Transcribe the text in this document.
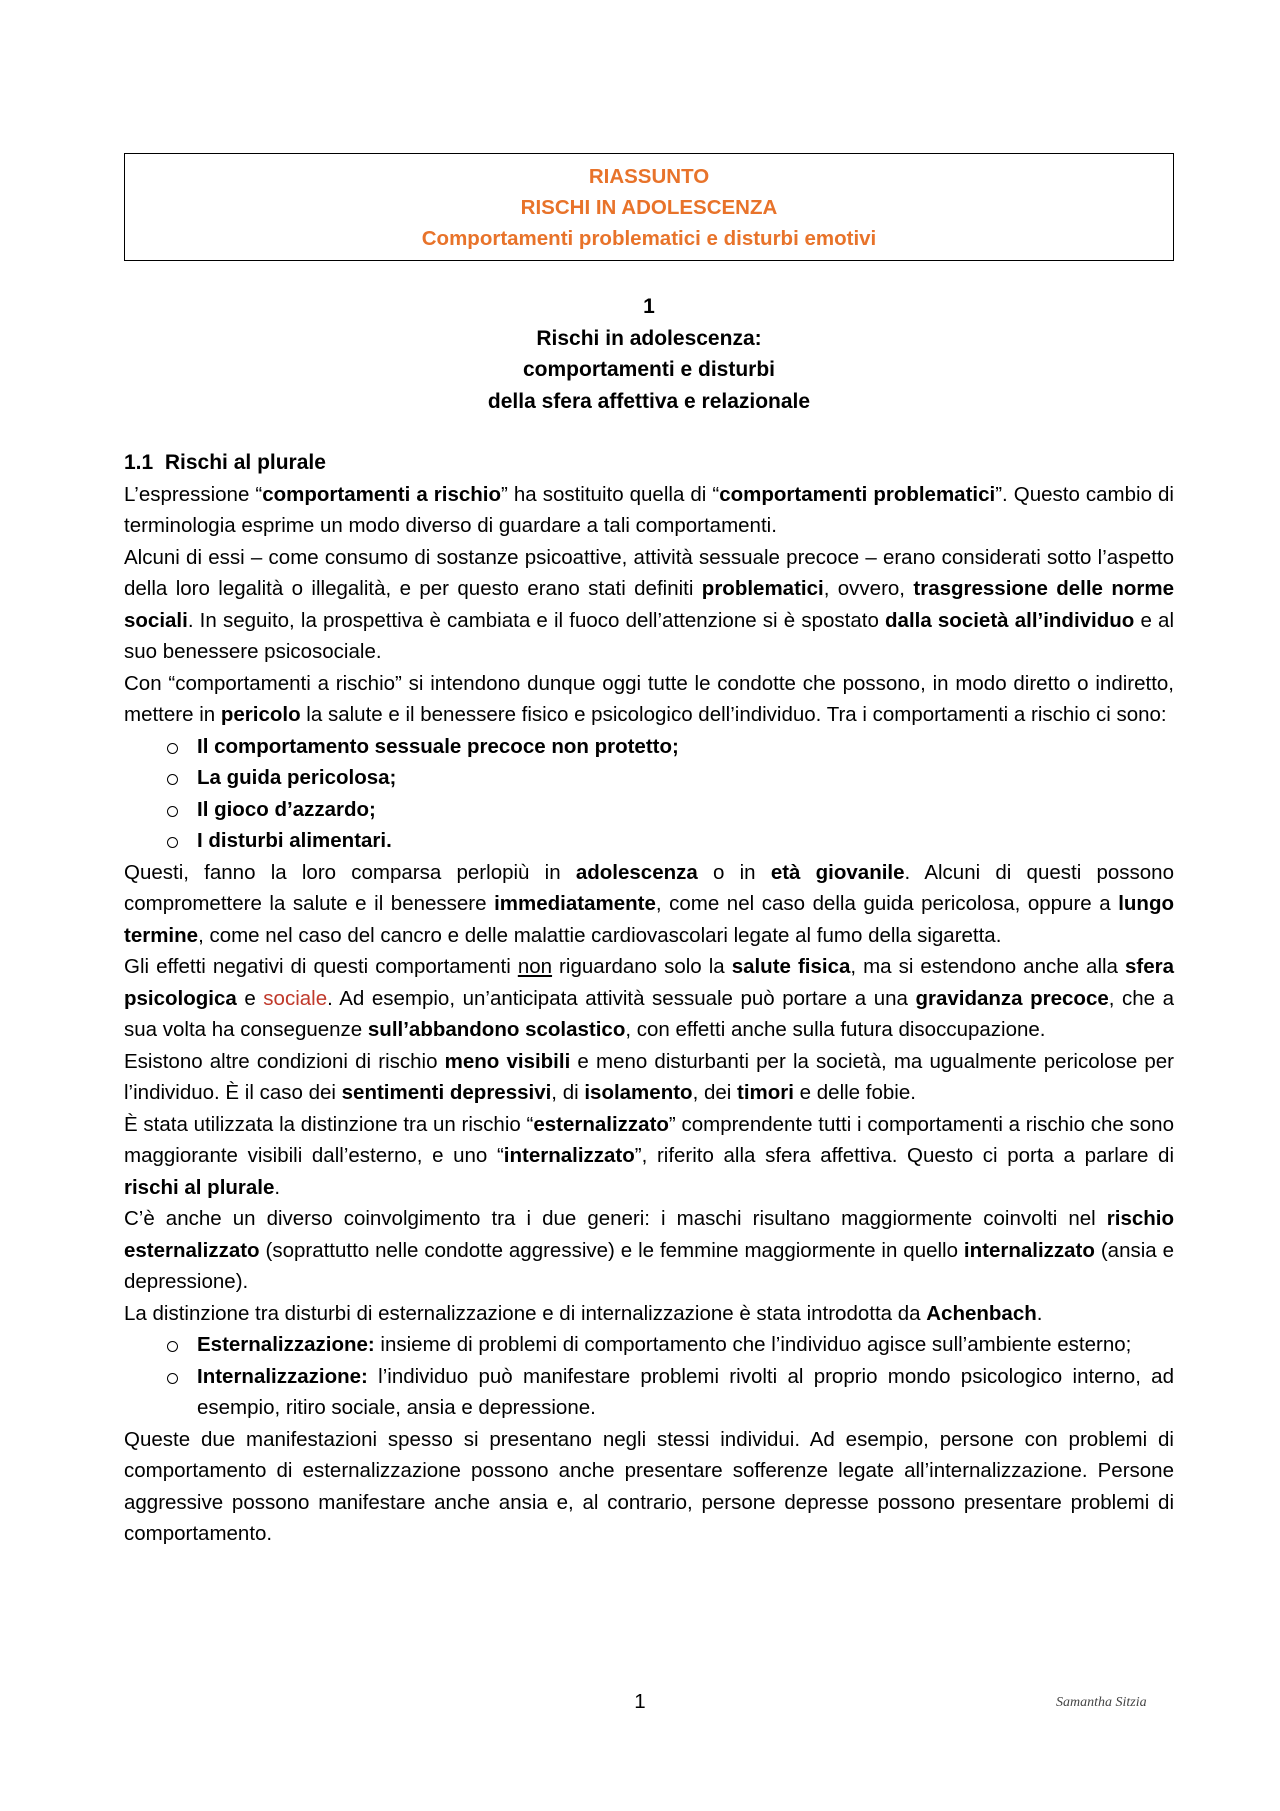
RIASSUNTO
RISCHI IN ADOLESCENZA
Comportamenti problematici e disturbi emotivi
1
Rischi in adolescenza:
comportamenti e disturbi
della sfera affettiva e relazionale
1.1  Rischi al plurale

L’espressione “comportamenti a rischio” ha sostituito quella di “comportamenti problematici”. Questo cambio di terminologia esprime un modo diverso di guardare a tali comportamenti.

Alcuni di essi – come consumo di sostanze psicoattive, attività sessuale precoce – erano considerati sotto l’aspetto della loro legalità o illegalità, e per questo erano stati definiti problematici, ovvero, trasgressione delle norme sociali. In seguito, la prospettiva è cambiata e il fuoco dell’attenzione si è spostato dalla società all’individuo e al suo benessere psicosociale.

Con “comportamenti a rischio” si intendono dunque oggi tutte le condotte che possono, in modo diretto o indiretto, mettere in pericolo la salute e il benessere fisico e psicologico dell’individuo. Tra i comportamenti a rischio ci sono:

Il comportamento sessuale precoce non protetto;
La guida pericolosa;
Il gioco d’azzardo;
I disturbi alimentari.

Questi, fanno la loro comparsa perlopiù in adolescenza o in età giovanile. Alcuni di questi possono compromettere la salute e il benessere immediatamente, come nel caso della guida pericolosa, oppure a lungo termine, come nel caso del cancro e delle malattie cardiovascolari legate al fumo della sigaretta.

Gli effetti negativi di questi comportamenti non riguardano solo la salute fisica, ma si estendono anche alla sfera psicologica e sociale. Ad esempio, un’anticipata attività sessuale può portare a una gravidanza precoce, che a sua volta ha conseguenze sull’abbandono scolastico, con effetti anche sulla futura disoccupazione.

Esistono altre condizioni di rischio meno visibili e meno disturbanti per la società, ma ugualmente pericolose per l’individuo. È il caso dei sentimenti depressivi, di isolamento, dei timori e delle fobie.

È stata utilizzata la distinzione tra un rischio “esternalizzato” comprendente tutti i comportamenti a rischio che sono maggiorante visibili dall’esterno, e uno “internalizzato”, riferito alla sfera affettiva. Questo ci porta a parlare di rischi al plurale.

C’è anche un diverso coinvolgimento tra i due generi: i maschi risultano maggiormente coinvolti nel rischio esternalizzato (soprattutto nelle condotte aggressive) e le femmine maggiormente in quello internalizzato (ansia e depressione).

La distinzione tra disturbi di esternalizzazione e di internalizzazione è stata introdotta da Achenbach.

Esternalizzazione: insieme di problemi di comportamento che l’individuo agisce sull’ambiente esterno;
Internalizzazione: l’individuo può manifestare problemi rivolti al proprio mondo psicologico interno, ad esempio, ritiro sociale, ansia e depressione.

Queste due manifestazioni spesso si presentano negli stessi individui. Ad esempio, persone con problemi di comportamento di esternalizzazione possono anche presentare sofferenze legate all’internalizzazione. Persone aggressive possono manifestare anche ansia e, al contrario, persone depresse possono presentare problemi di comportamento.

1	Samantha Sitzia
